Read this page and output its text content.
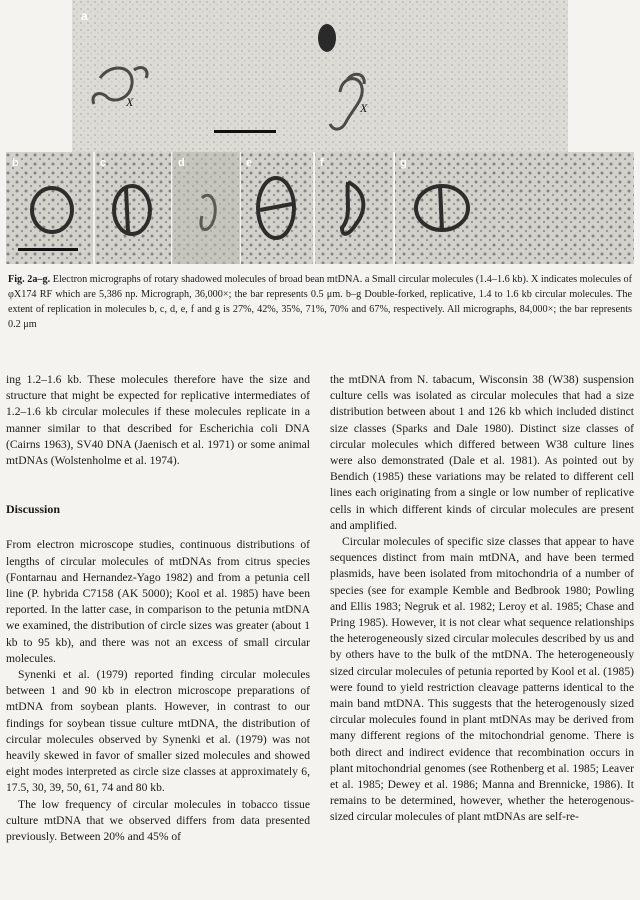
a
X	X
b	c	d	e	f	g
Fig. 2a–g. Electron micrographs of rotary shadowed molecules of broad bean mtDNA. a Small circular molecules (1.4–1.6 kb). X indicates molecules of φX174 RF which are 5,386 np. Micrograph, 36,000×; the bar represents 0.5 μm. b–g Double-forked, replicative, 1.4 to 1.6 kb circular molecules. The extent of replication in molecules b, c, d, e, f and g is 27%, 42%, 35%, 71%, 70% and 67%, respectively. All micrographs, 84,000×; the bar represents 0.2 μm

ing 1.2–1.6 kb. These molecules therefore have the size and structure that might be expected for replicative intermediates of 1.2–1.6 kb circular molecules if these molecules replicate in a manner similar to that described for Escherichia coli DNA (Cairns 1963), SV40 DNA (Jaenisch et al. 1971) or some animal mtDNAs (Wolstenholme et al. 1974).

Discussion

From electron microscope studies, continuous distributions of lengths of circular molecules of mtDNAs from citrus species (Fontarnau and Hernandez-Yago 1982) and from a petunia cell line (P. hybrida C7158 (AK 5000); Kool et al. 1985) have been reported. In the latter case, in comparison to the petunia mtDNA we examined, the distribution of circle sizes was greater (about 1 kb to 95 kb), and there was not an excess of small circular molecules.

Synenki et al. (1979) reported finding circular molecules between 1 and 90 kb in electron microscope preparations of mtDNA from soybean plants. However, in contrast to our findings for soybean tissue culture mtDNA, the distribution of circular molecules observed by Synenki et al. (1979) was not heavily skewed in favor of smaller sized molecules and showed eight modes interpreted as circle size classes at approximately 6, 17.5, 30, 39, 50, 61, 74 and 80 kb.

The low frequency of circular molecules in tobacco tissue culture mtDNA that we observed differs from data presented previously. Between 20% and 45% of

the mtDNA from N. tabacum, Wisconsin 38 (W38) suspension culture cells was isolated as circular molecules that had a size distribution between about 1 and 126 kb which included distinct size classes (Sparks and Dale 1980). Distinct size classes of circular molecules which differed between W38 culture lines were also demonstrated (Dale et al. 1981). As pointed out by Bendich (1985) these variations may be related to different cell lines each originating from a single or low number of replicative cells in which different kinds of circular molecules are present and amplified.

Circular molecules of specific size classes that appear to have sequences distinct from main mtDNA, and have been termed plasmids, have been isolated from mitochondria of a number of species (see for example Kemble and Bedbrook 1980; Powling and Ellis 1983; Negruk et al. 1982; Leroy et al. 1985; Chase and Pring 1985). However, it is not clear what sequence relationships the heterogeneously sized circular molecules described by us and by others have to the bulk of the mtDNA. The heterogeneously sized circular molecules of petunia reported by Kool et al. (1985) were found to yield restriction cleavage patterns identical to the main band mtDNA. This suggests that the heterogenously sized circular molecules found in plant mtDNAs may be derived from many different regions of the mitochondrial genome. There is both direct and indirect evidence that recombination occurs in plant mitochondrial genomes (see Rothenberg et al. 1985; Leaver et al. 1985; Dewey et al. 1986; Manna and Brennicke, 1986). It remains to be determined, however, whether the heterogenous-sized circular molecules of plant mtDNAs are self-re-
